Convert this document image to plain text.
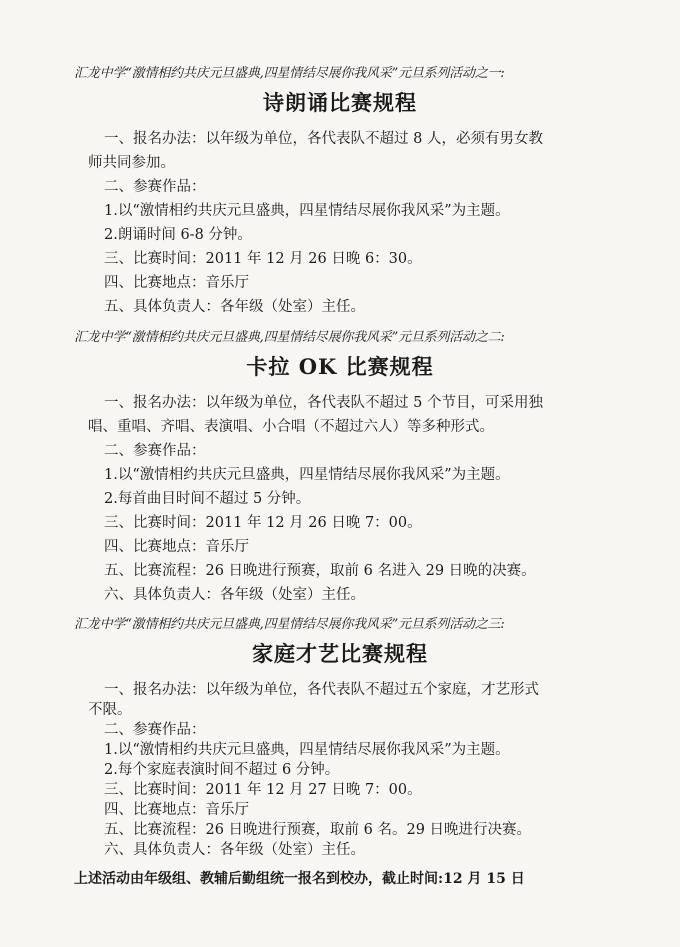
汇龙中学“激情相约共庆元旦盛典,四星情结尽展你我风采”元旦系列活动之一:
诗朗诵比赛规程
一、报名办法：以年级为单位，各代表队不超过 8 人，必须有男女教
师共同参加。
二、参赛作品：
1.以“激情相约共庆元旦盛典，四星情结尽展你我风采”为主题。
2.朗诵时间 6-8 分钟。
三、比赛时间：2011 年 12 月 26 日晚 6：30。
四、比赛地点：音乐厅
五、具体负责人：各年级（处室）主任。
汇龙中学“激情相约共庆元旦盛典,四星情结尽展你我风采”元旦系列活动之二:
卡拉 OK 比赛规程
一、报名办法：以年级为单位，各代表队不超过 5 个节目，可采用独
唱、重唱、齐唱、表演唱、小合唱（不超过六人）等多种形式。
二、参赛作品：
1.以“激情相约共庆元旦盛典，四星情结尽展你我风采”为主题。
2.每首曲目时间不超过 5 分钟。
三、比赛时间：2011 年 12 月 26 日晚 7：00。
四、比赛地点：音乐厅
五、比赛流程：26 日晚进行预赛，取前 6 名进入 29 日晚的决赛。
六、具体负责人：各年级（处室）主任。
汇龙中学“激情相约共庆元旦盛典,四星情结尽展你我风采”元旦系列活动之三:
家庭才艺比赛规程
一、报名办法：以年级为单位，各代表队不超过五个家庭，才艺形式
不限。
二、参赛作品：
1.以“激情相约共庆元旦盛典，四星情结尽展你我风采”为主题。
2.每个家庭表演时间不超过 6 分钟。
三、比赛时间：2011 年 12 月 27 日晚 7：00。
四、比赛地点：音乐厅
五、比赛流程：26 日晚进行预赛，取前 6 名。29 日晚进行决赛。
六、具体负责人：各年级（处室）主任。
上述活动由年级组、教辅后勤组统一报名到校办，截止时间:12 月 15 日
